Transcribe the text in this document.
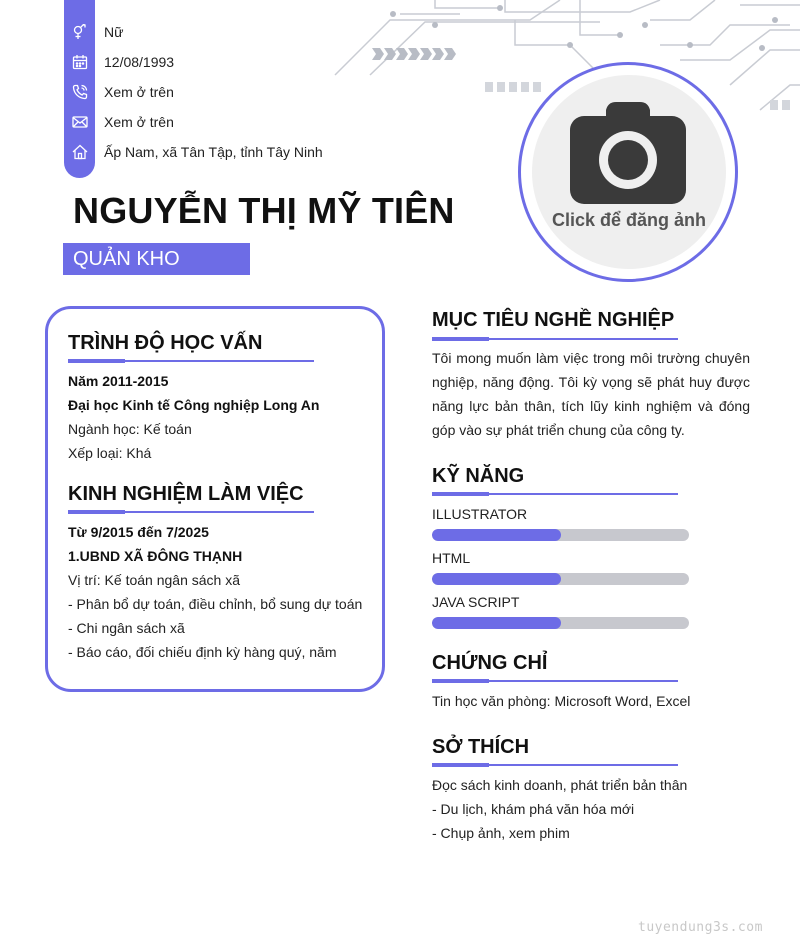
Nữ
12/08/1993
Xem ở trên
Xem ở trên
Ấp Nam, xã Tân Tập, tỉnh Tây Ninh
NGUYỄN THỊ MỸ TIÊN
QUẢN KHO
Click để đăng ảnh
TRÌNH ĐỘ HỌC VẤN
Năm 2011-2015
Đại học Kinh tế Công nghiệp Long An
Ngành học: Kế toán
Xếp loại: Khá
KINH NGHIỆM LÀM VIỆC
Từ 9/2015 đến 7/2025
1.UBND XÃ ĐÔNG THẠNH
Vị trí: Kế toán ngân sách xã
- Phân bổ dự toán, điều chỉnh, bổ sung dự toán
- Chi ngân sách xã
- Báo cáo, đối chiếu định kỳ hàng quý, năm
MỤC TIÊU NGHỀ NGHIỆP
Tôi mong muốn làm việc trong môi trường chuyên nghiệp, năng động. Tôi kỳ vọng sẽ phát huy được năng lực bản thân, tích lũy kinh nghiệm và đóng góp vào sự phát triển chung của công ty.
KỸ NĂNG
ILLUSTRATOR
HTML
JAVA SCRIPT
CHỨNG CHỈ
Tin học văn phòng: Microsoft Word, Excel
SỞ THÍCH
Đọc sách kinh doanh, phát triển bản thân
- Du lịch, khám phá văn hóa mới
- Chụp ảnh, xem phim
tuyendung3s.com
